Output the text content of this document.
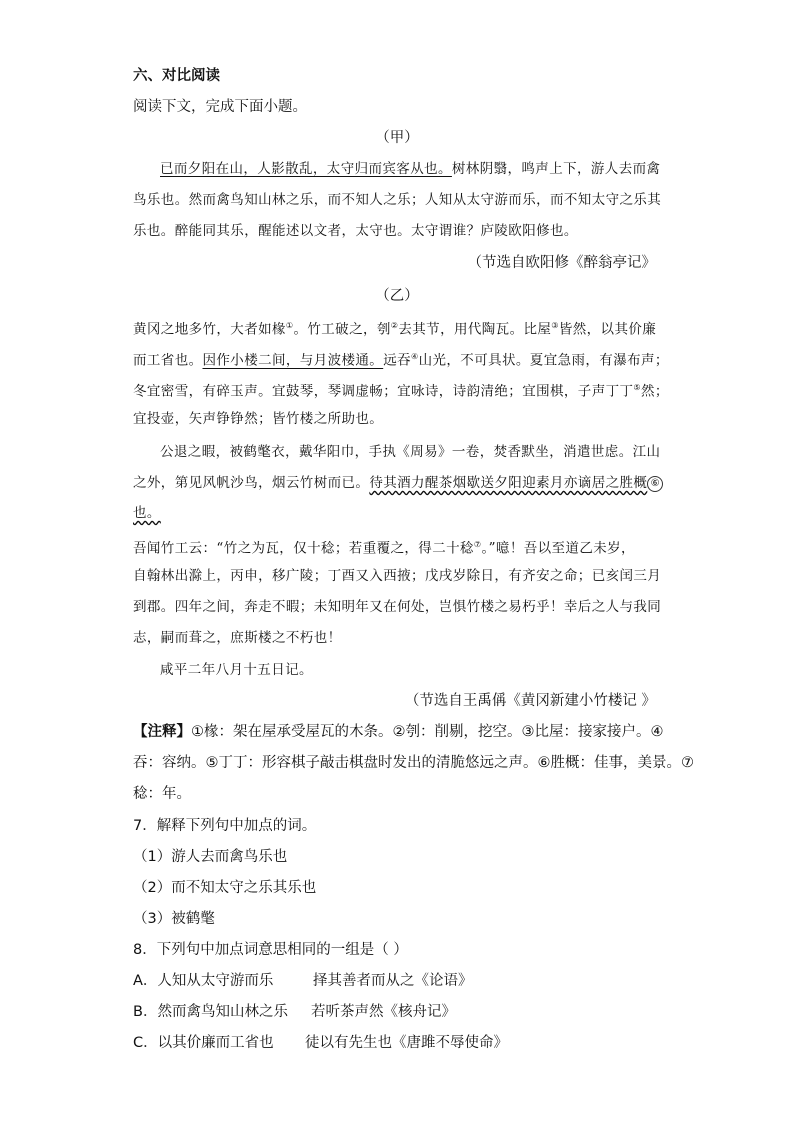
六、对比阅读
阅读下文，完成下面小题。
（甲）
已而夕阳在山，人影散乱，太守归而宾客从也。树林阴翳，鸣声上下，游人去而禽
鸟乐也。然而禽鸟知山林之乐，而不知人之乐；人知从太守游而乐，而不知太守之乐其
乐也。醉能同其乐，醒能述以文者，太守也。太守谓谁？庐陵欧阳修也。
（节选自欧阳修《醉翁亭记》
（乙）
黄冈之地多竹，大者如椽①。竹工破之，刳②去其节，用代陶瓦。比屋③皆然，以其价廉
而工省也。因作小楼二间，与月波楼通。远吞④山光，不可具状。夏宜急雨，有瀑布声；
冬宜密雪，有碎玉声。宜鼓琴，琴调虚畅；宜咏诗，诗韵清绝；宜围棋，子声丁丁⑤然；
宜投壶，矢声铮铮然；皆竹楼之所助也。
公退之暇，被鹤氅衣，戴华阳巾，手执《周易》一卷，焚香默坐，消遣世虑。江山
之外，第见风帆沙鸟，烟云竹树而已。待其酒力醒茶烟歇送夕阳迎素月亦谪居之胜概 ⑥
也。
吾闻竹工云：“竹之为瓦，仅十稔；若重覆之，得二十稔⑦。”噫！吾以至道乙未岁，
自翰林出滁上，丙申，移广陵；丁酉又入西掖；戊戌岁除日，有齐安之命；已亥闰三月
到郡。四年之间，奔走不暇；未知明年又在何处，岂惧竹楼之易朽乎！幸后之人与我同
志，嗣而葺之，庶斯楼之不朽也！
咸平二年八月十五日记。
（节选自王禹偁《黄冈新建小竹楼记 》
【注释】①椽：架在屋承受屋瓦的木条。②刳：削剔，挖空。③比屋：接家接户。④
吞：容纳。⑤丁丁：形容棋子敲击棋盘时发出的清脆悠远之声。⑥胜概：佳事，美景。⑦
稔：年。
7．解释下列句中加点的词。
（1）游人去而禽鸟乐也
（2）而不知太守之乐其乐也
（3）被鹤氅
8．下列句中加点词意思相同的一组是（ ）
A．人知从太守游而乐	择其善者而从之《论语》
B．然而禽鸟知山林之乐 若听茶声然《核舟记》
C．以其价廉而工省也 徒以有先生也《唐雎不辱使命》
